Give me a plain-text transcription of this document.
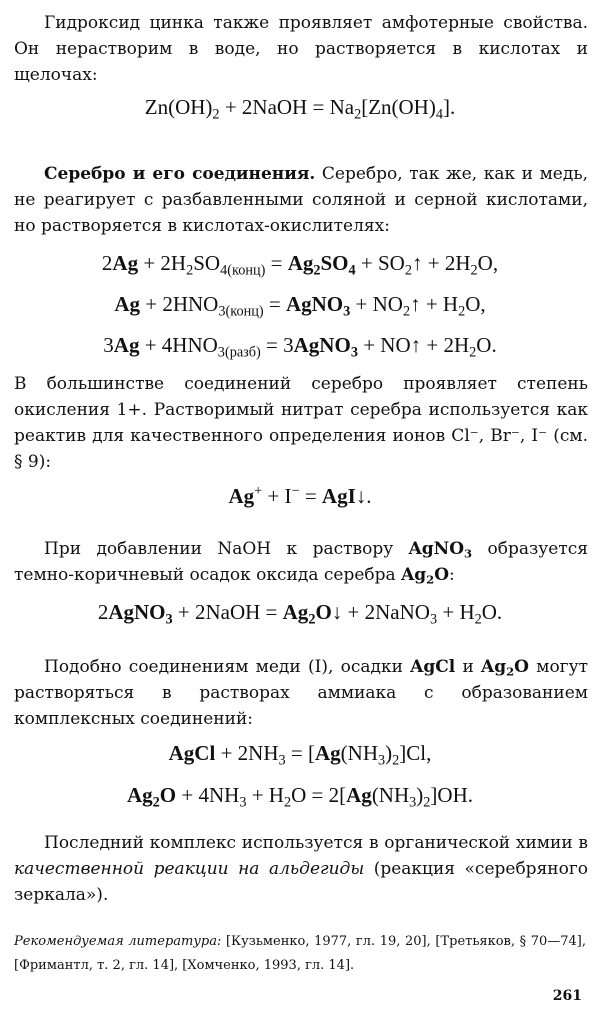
Гидроксид цинка также проявляет амфотерные свойства. Он нерастворим в воде, но растворяется в кислотах и щелочах:
$Zn(OH)_2$ + 2NaOH = $Na_2[Zn(OH)_4]$.
Серебро и его соединения. Серебро, так же, как и медь, не реагирует с разбавленными соляной и серной кислотами, но растворяется в кислотах-окислителях:
$2Ag + 2H_2SO_{4(конц)} = Ag_2SO_4$ + $SO_2↑ + 2H_2O$,
$Ag + 2HNO_{3(конц)}$ = AgNO$_3$ + $NO_2↑ + H_2O$,
$3Ag + 4HNO_{3(разб)}$ = 3AgNO$_3$ + NO↑ + $2H_2O$.
В большинстве соединений серебро проявляет степень окисления 1+. Растворимый нитрат серебра используется как реактив для качественного определения ионов Cl⁻, Br⁻, I⁻ (см. § 9):
Ag+ + I− = AgI↓.
При добавлении NaOH к раствору AgNO$_3$ образуется темно-коричневый осадок оксида серебра $Ag_2O$:
2AgNO$_3$ + 2NaOH = $Ag_2O↓$ + 2NaNO$_3$ + $H_2O$.
Подобно соединениям меди (I), осадки AgCl и $Ag_2O$ могут растворяться в растворах аммиака с образованием комплексных соединений:
AgCl + $2NH_3 = [Ag(NH_3)_2]Cl$,
$Ag_2O + 4NH_3 + H_2O = 2[Ag(NH_3)_2]OH$.
Последний комплекс используется в органической химии в качественной реакции на альдегиды (реакция «серебряного зеркала»).
Рекомендуемая литература: [Кузьменко, 1977, гл. 19, 20], [Третьяков, § 70—74], [Фримантл, т. 2, гл. 14], [Хомченко, 1993, гл. 14].
261
